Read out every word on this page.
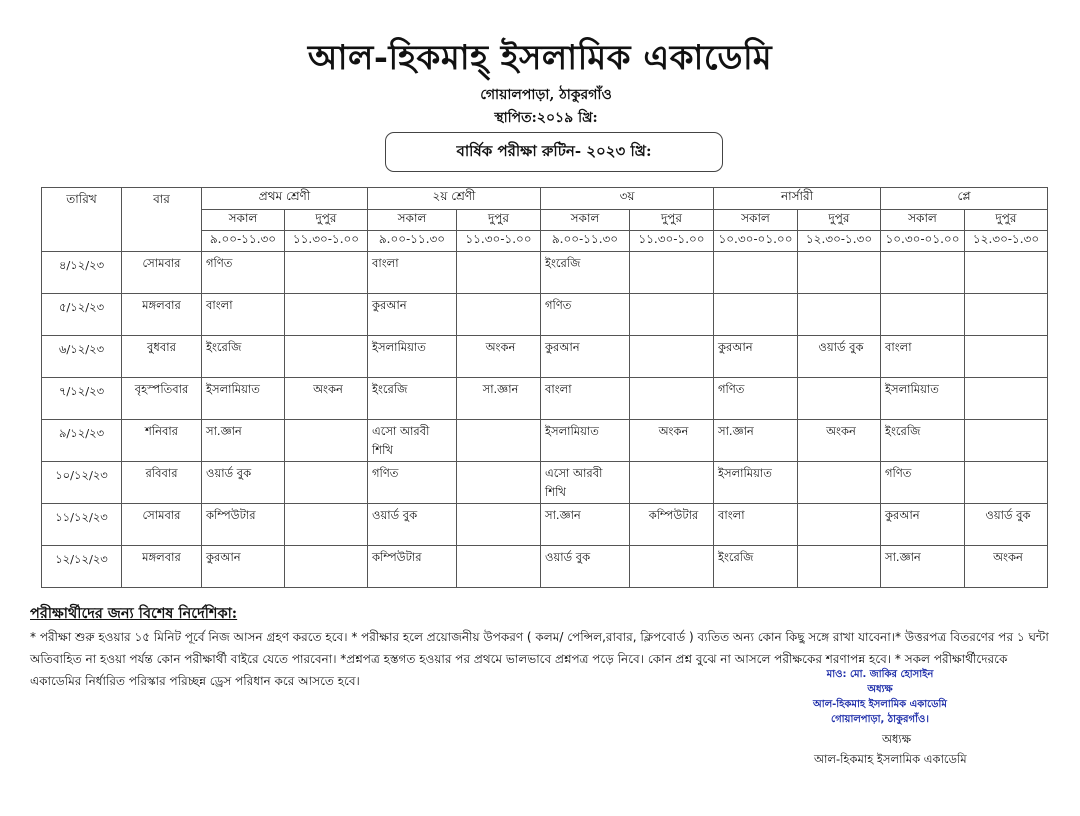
আল-হিকমাহ্ ইসলামিক একাডেমি
গোয়ালপাড়া, ঠাকুরগাঁও
স্থাপিত:২০১৯ খ্রি:
বার্ষিক পরীক্ষা রুটিন- ২০২৩ খ্রি:
তারিখ	বার	প্রথম শ্রেণী		২য় শ্রেণী		৩য়		নার্সারী		প্লে	
		সকাল	দুপুর	সকাল	দুপুর	সকাল	দুপুর	সকাল	দুপুর	সকাল	দুপুর
		৯.০০-১১.৩০	১১.৩০-১.০০	৯.০০-১১.৩০	১১.৩০-১.০০	৯.০০-১১.৩০	১১.৩০-১.০০	১০.৩০-০১.০০	১২.৩০-১.৩০	১০.৩০-০১.০০	১২.৩০-১.৩০
৪/১২/২৩	সোমবার	গণিত		বাংলা		ইংরেজি					
৫/১২/২৩	মঙ্গলবার	বাংলা		কুরআন		গণিত					
৬/১২/২৩	বুধবার	ইংরেজি		ইসলামিয়াত	অংকন	কুরআন		কুরআন	ওয়ার্ড বুক	বাংলা	
৭/১২/২৩	বৃহস্পতিবার	ইসলামিয়াত	অংকন	ইংরেজি	সা.জ্ঞান	বাংলা		গণিত		ইসলামিয়াত	
৯/১২/২৩	শনিবার	সা.জ্ঞান		এসো আরবী শিখি		ইসলামিয়াত	অংকন	সা.জ্ঞান	অংকন	ইংরেজি	
১০/১২/২৩	রবিবার	ওয়ার্ড বুক		গণিত		এসো আরবী শিখি		ইসলামিয়াত		গণিত	
১১/১২/২৩	সোমবার	কম্পিউটার		ওয়ার্ড বুক		সা.জ্ঞান	কম্পিউটার	বাংলা		কুরআন	ওয়ার্ড বুক
১২/১২/২৩	মঙ্গলবার	কুরআন		কম্পিউটার		ওয়ার্ড বুক		ইংরেজি		সা.জ্ঞান	অংকন
পরীক্ষার্থীদের জন্য বিশেষ নির্দেশিকা:
* পরীক্ষা শুরু হওয়ার ১৫ মিনিট পূর্বে নিজ আসন গ্রহণ করতে হবে। * পরীক্ষার হলে প্রয়োজনীয় উপকরণ ( কলম/ পেন্সিল,রাবার, ক্লিপবোর্ড ) ব্যতিত অন্য কোন কিছু সঙ্গে রাখা যাবেনা।* উত্তরপত্র বিতরণের পর ১ ঘন্টা অতিবাহিত না হওয়া পর্যন্ত কোন পরীক্ষার্থী বাইরে যেতে পারবেনা। *প্রশ্নপত্র হস্তগত হওয়ার পর প্রথমে ভালভাবে প্রশ্নপত্র পড়ে নিবে। কোন প্রশ্ন বুঝে না আসলে পরীক্ষকের শরণাপন্ন হবে। * সকল পরীক্ষার্থীদেরকে একাডেমির নির্ধারিত পরিস্কার পরিচ্ছন্ন ড্রেস পরিধান করে আসতে হবে।	মাও: মো. জাকির হোসাইন
অধ্যক্ষ
আল-হিকমাহ ইসলামিক একাডেমি
গোয়ালপাড়া, ঠাকুরগাঁও।
অধ্যক্ষ
আল-হিকমাহ ইসলামিক একাডেমি
